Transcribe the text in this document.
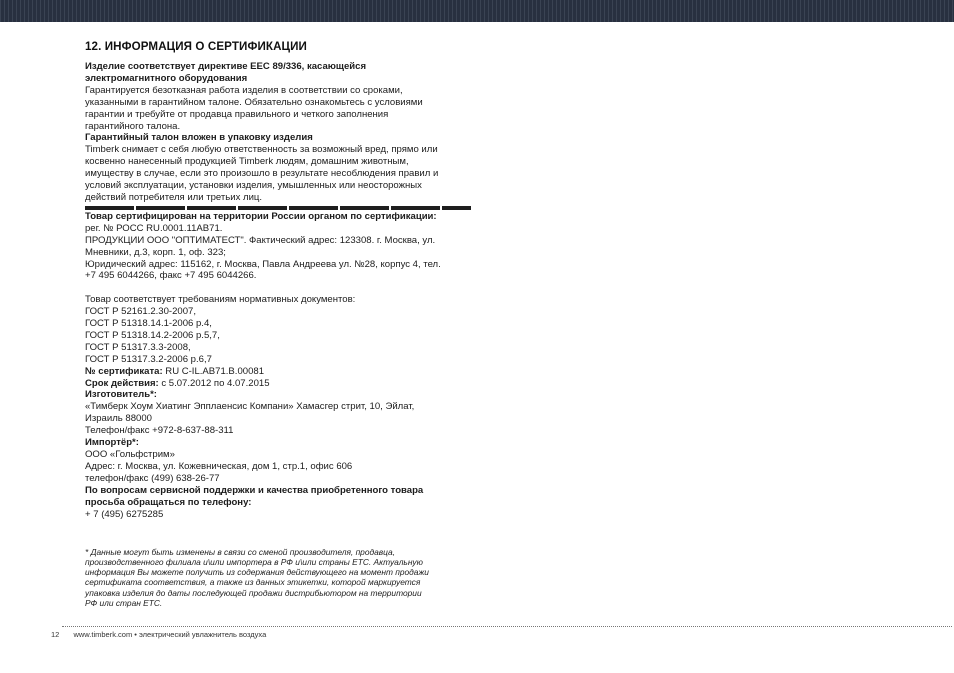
12. ИНФОРМАЦИЯ О СЕРТИФИКАЦИИ

Изделие соответствует директиве EEC 89/336, касающейся

электромагнитного оборудования

Гарантируется безотказная работа изделия в соответствии со сроками,

указанными в гарантийном талоне. Обязательно ознакомьтесь с условиями

гарантии и требуйте от продавца правильного и четкого заполнения

гарантийного талона.

Гарантийный талон вложен в упаковку изделия

Timberk снимает с себя любую ответственность за возможный вред, прямо или

косвенно нанесенный продукцией Timberk людям, домашним животным,

имуществу в случае, если это произошло в результате несоблюдения правил и

условий эксплуатации, установки изделия, умышленных или неосторожных

действий потребителя или третьих лиц.

Товар сертифицирован на территории России органом по сертификации:

рег. № РОСС RU.0001.11АВ71.

ПРОДУКЦИИ ООО "ОПТИМАТЕСТ". Фактический адрес: 123308. г. Москва, ул.

Мневники, д.3, корп. 1, оф. 323;

Юридический адрес: 115162, г. Москва, Павла Андреева ул. №28, корпус 4, тел.

+7 495 6044266, факс +7 495 6044266.

Товар соответствует требованиям нормативных документов:

ГОСТ Р 52161.2.30-2007,

ГОСТ Р 51318.14.1-2006 р.4,

ГОСТ Р 51318.14.2-2006 р.5,7,

ГОСТ Р 51317.3.3-2008,

ГОСТ Р 51317.3.2-2006 р.6,7

№ сертификата: RU C-IL.АВ71.В.00081

Срок действия: с 5.07.2012 по 4.07.2015

Изготовитель*:

«Тимберк Хоум Хиатинг Эпплаенсис Компани» Хамасгер стрит, 10, Эйлат,

Израиль 88000

Телефон/факс +972-8-637-88-311

Импортёр*:

ООО «Гольфстрим»

Адрес: г. Москва, ул. Кожевническая, дом 1, стр.1, офис 606

телефон/факс (499) 638-26-77

По вопросам сервисной поддержки и качества приобретенного товара

просьба обращаться по телефону:

+ 7 (495) 6275285

* Данные могут быть изменены в связи со сменой производителя, продавца,
производственного филиала и\или импортера в РФ и\или страны ЕТС. Актуальную
информация Вы можете получить из содержания действующего на момент продажи
сертификата соответствия, а также из данных этикетки, которой маркируется
упаковка изделия до даты последующей продажи дистрибьютором на территории
РФ или стран ЕТС.
12 www.timberk.com • электрический увлажнитель воздуха
